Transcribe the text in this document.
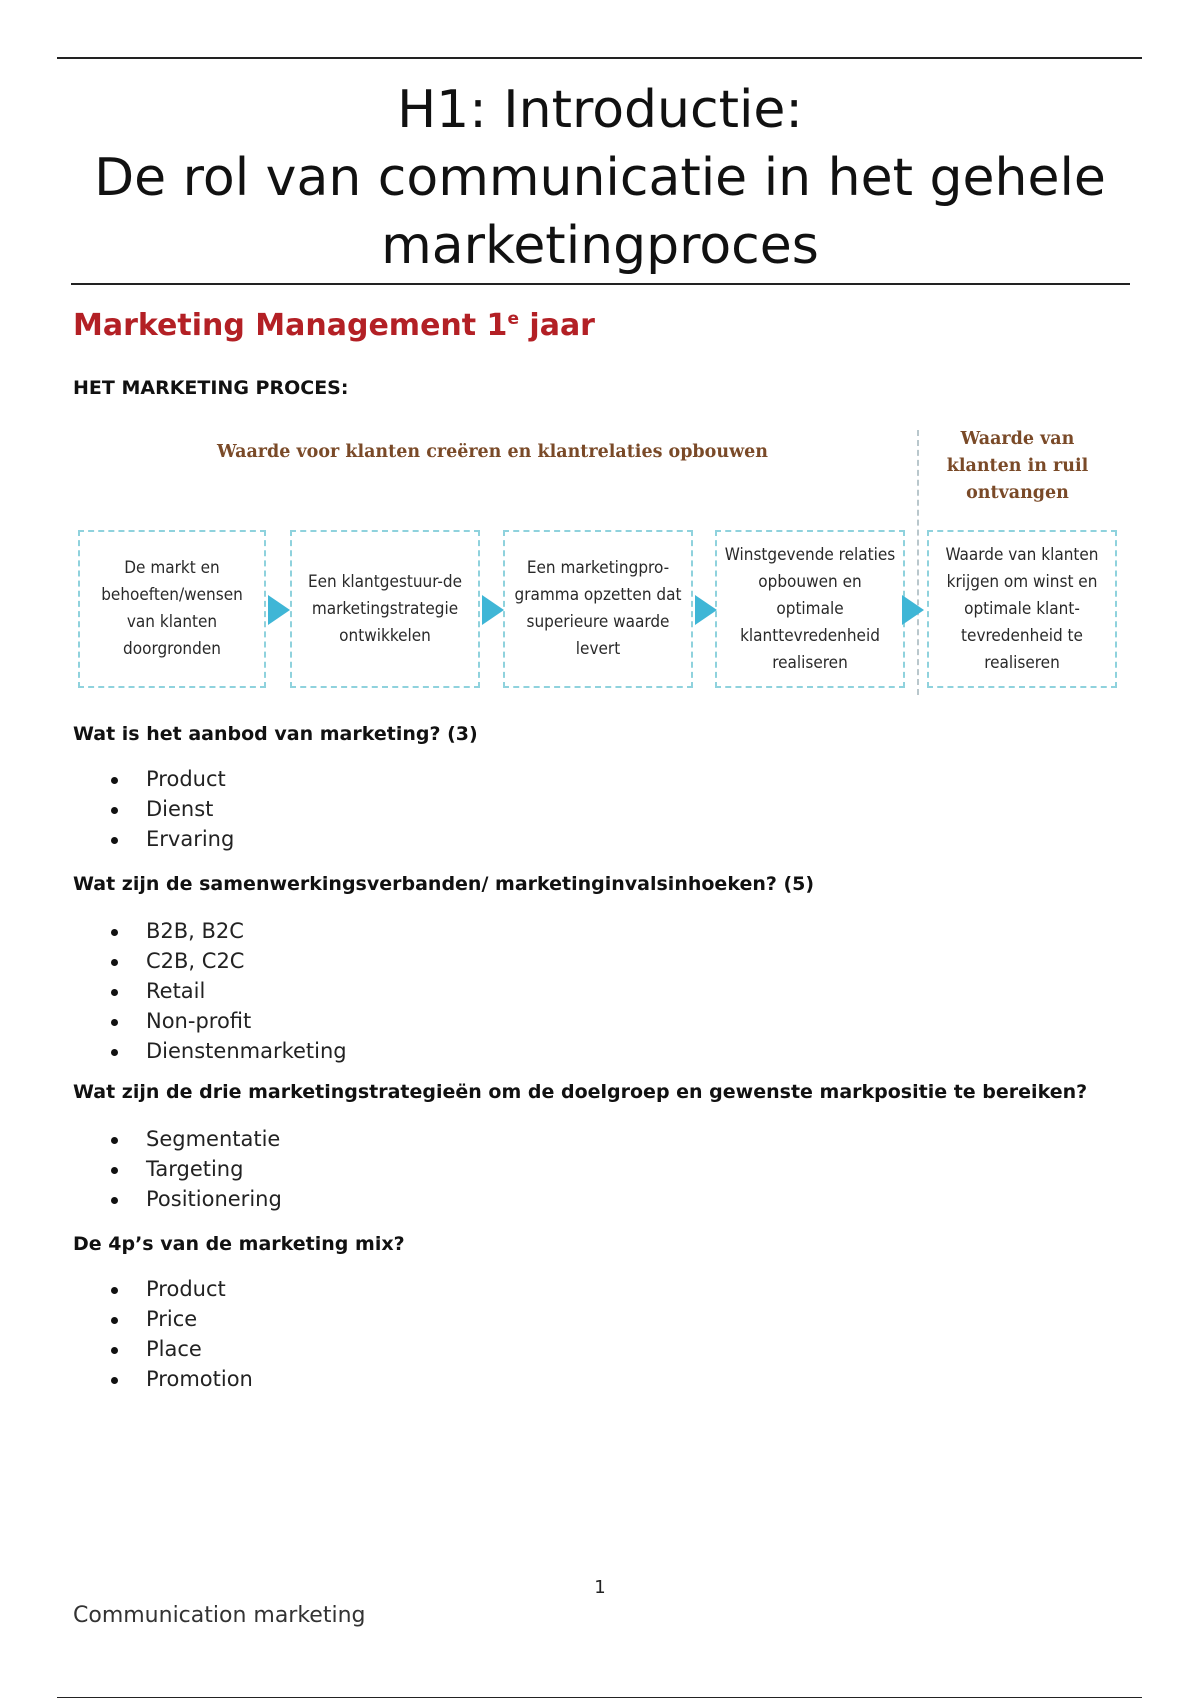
H1: Introductie:
De rol van communicatie in het gehele
marketingproces
Marketing Management 1e jaar

HET MARKETING PROCES:

Waarde voor klanten creëren en klantrelaties opbouwen
Waarde van klanten in ruil ontvangen
De markt en behoeften/wensen van klanten doorgronden
Een klantgestuur-de marketingstrategie ontwikkelen
Een marketingpro-gramma opzetten dat superieure waarde levert
Winstgevende relaties opbouwen en optimale klanttevredenheid realiseren
Waarde van klanten krijgen om winst en optimale klant-tevredenheid te realiseren

Wat is het aanbod van marketing? (3)

Product
Dienst
Ervaring

Wat zijn de samenwerkingsverbanden/ marketinginvalsinhoeken? (5)

B2B, B2C
C2B, C2C
Retail
Non-profit
Dienstenmarketing

Wat zijn de drie marketingstrategieën om de doelgroep en gewenste markpositie te bereiken?

Segmentatie
Targeting
Positionering

De 4p’s van de marketing mix?

Product
Price
Place
Promotion
1
Communication marketing
